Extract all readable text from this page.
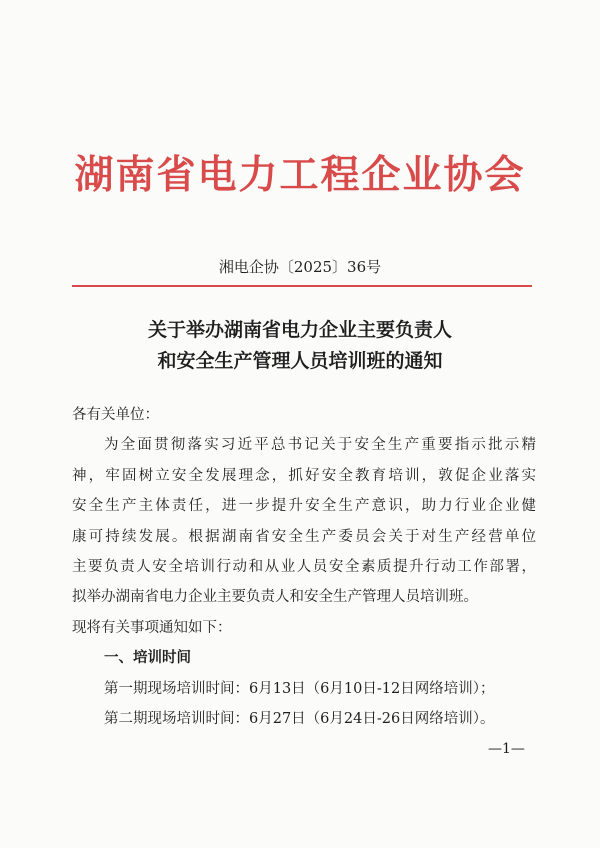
湖南省电力工程企业协会
湘电企协〔2025〕36号
关于举办湖南省电力企业主要负责人
和安全生产管理人员培训班的通知
各有关单位：
为全面贯彻落实习近平总书记关于安全生产重要指示批示精
神，牢固树立安全发展理念，抓好安全教育培训，敦促企业落实
安全生产主体责任，进一步提升安全生产意识，助力行业企业健
康可持续发展。根据湖南省安全生产委员会关于对生产经营单位
主要负责人安全培训行动和从业人员安全素质提升行动工作部署，
拟举办湖南省电力企业主要负责人和安全生产管理人员培训班。
现将有关事项通知如下：
一、培训时间
第一期现场培训时间：6月13日（6月10日-12日网络培训）；
第二期现场培训时间：6月27日（6月24日-26日网络培训）。
—1—
